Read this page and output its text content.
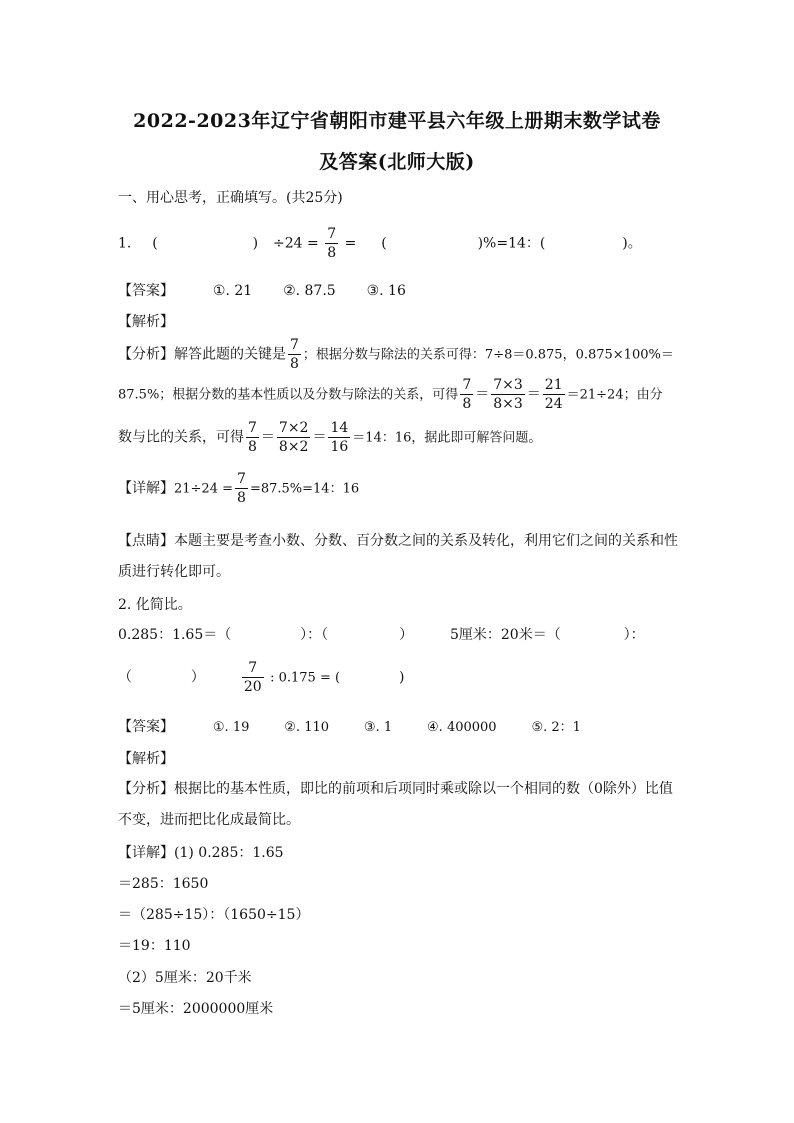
2022-2023年辽宁省朝阳市建平县六年级上册期末数学试卷
及答案(北师大版)
一、用心思考，正确填写。(共25分)
1. (	) $\div 24 = \frac{7}{8}$ = (	)%=14：(	)。
【答案】	①. 21 ②. 87.5 ③. 16
【解析】
【分析】解答此题的关键是 $\frac{7}{8}$ ；根据分数与除法的关系可得：7÷8＝0.875，0.875×100%＝
87.5%；根据分数的基本性质以及分数与除法的关系，可得 $\frac{7}{8} = \frac{7\times 3}{8\times 3} = \frac{21}{24} =21\div 24$；由分
数与比的关系，可得 $\frac{7}{8} = \frac{7\times 2}{8\times 2} = \frac{14}{16} =14$：16，据此即可解答问题。
【详解】$21\div 24 = \frac{7}{8} =87.5\%=14$：16
【点睛】本题主要是考查小数、分数、百分数之间的关系及转化，利用它们之间的关系和性
质进行转化即可。
2. 化简比。
0.285：1.65＝（	）：（	）	5厘米：20米＝（	）：
（	）	$\frac{7}{20}$ : 0.175 = (	)
【答案】	①. 19	②. 110	③. 1	④. 400000	⑤. 2：1
【解析】
【分析】根据比的基本性质，即比的前项和后项同时乘或除以一个相同的数（0除外）比值
不变，进而把比化成最简比。
【详解】(1) 0.285：1.65
＝285：1650
＝（285÷15）：（1650÷15）
＝19：110
（2）5厘米：20千米
＝5厘米：2000000厘米
